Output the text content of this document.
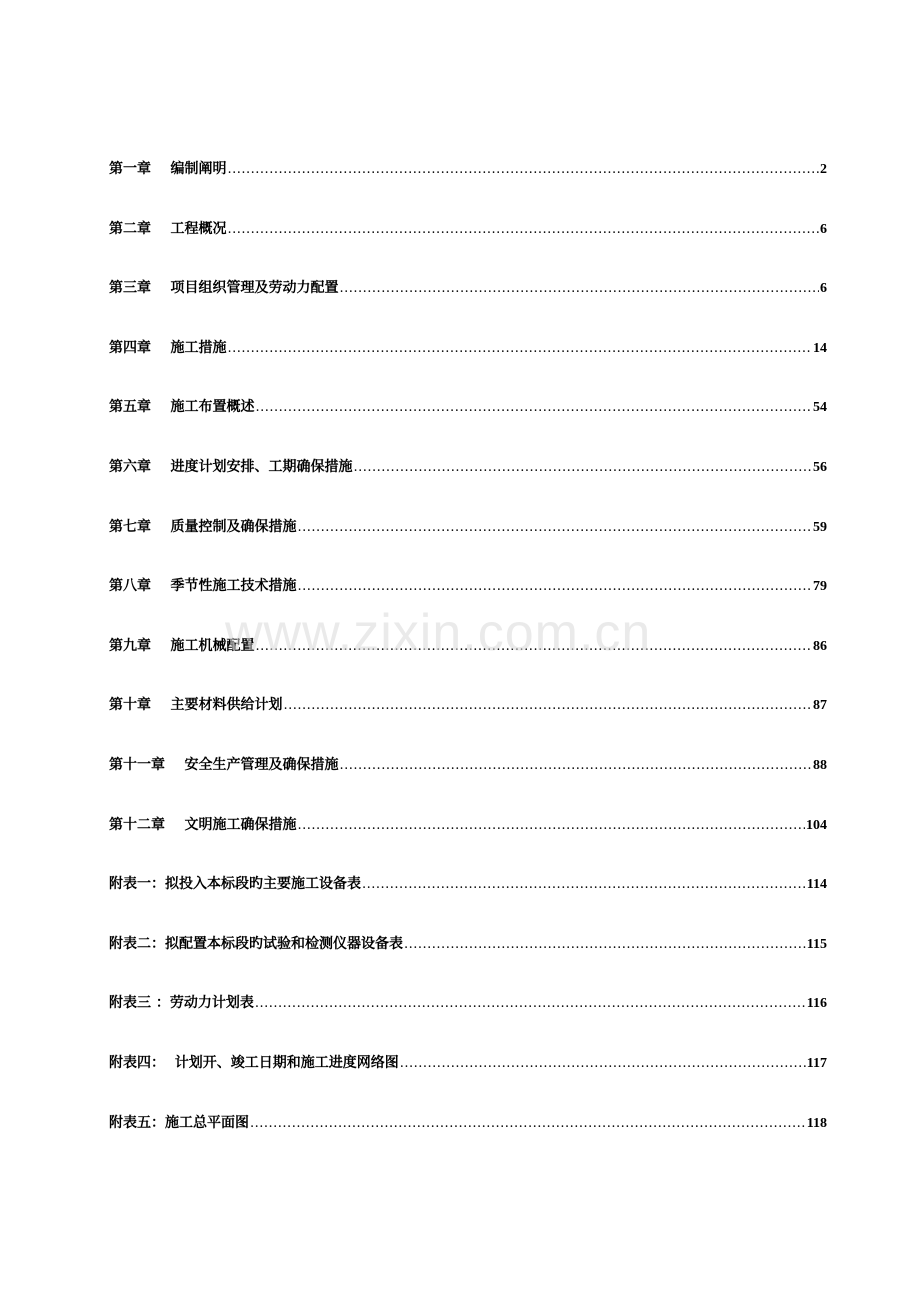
第一章    编制阐明 .....	2
第二章    工程概况 .....	6
第三章    项目组织管理及劳动力配置 .....	6
第四章    施工措施 .....	14
第五章    施工布置概述 .....	54
第六章    进度计划安排、工期确保措施 .....	56
第七章    质量控制及确保措施 .....	59
第八章    季节性施工技术措施 .....	79
第九章    施工机械配置 .....	86
第十章    主要材料供给计划 .....	87
第十一章    安全生产管理及确保措施 .....	88
第十二章    文明施工确保措施 .....	104
附表一：拟投入本标段旳主要施工设备表 .....	114
附表二：拟配置本标段旳试验和检测仪器设备表 .....	115
附表三 ：劳动力计划表 .....	116
附表四：  计划开、竣工日期和施工进度网络图 .....	117
附表五：施工总平面图 .....	118
www.zixin.com.cn
